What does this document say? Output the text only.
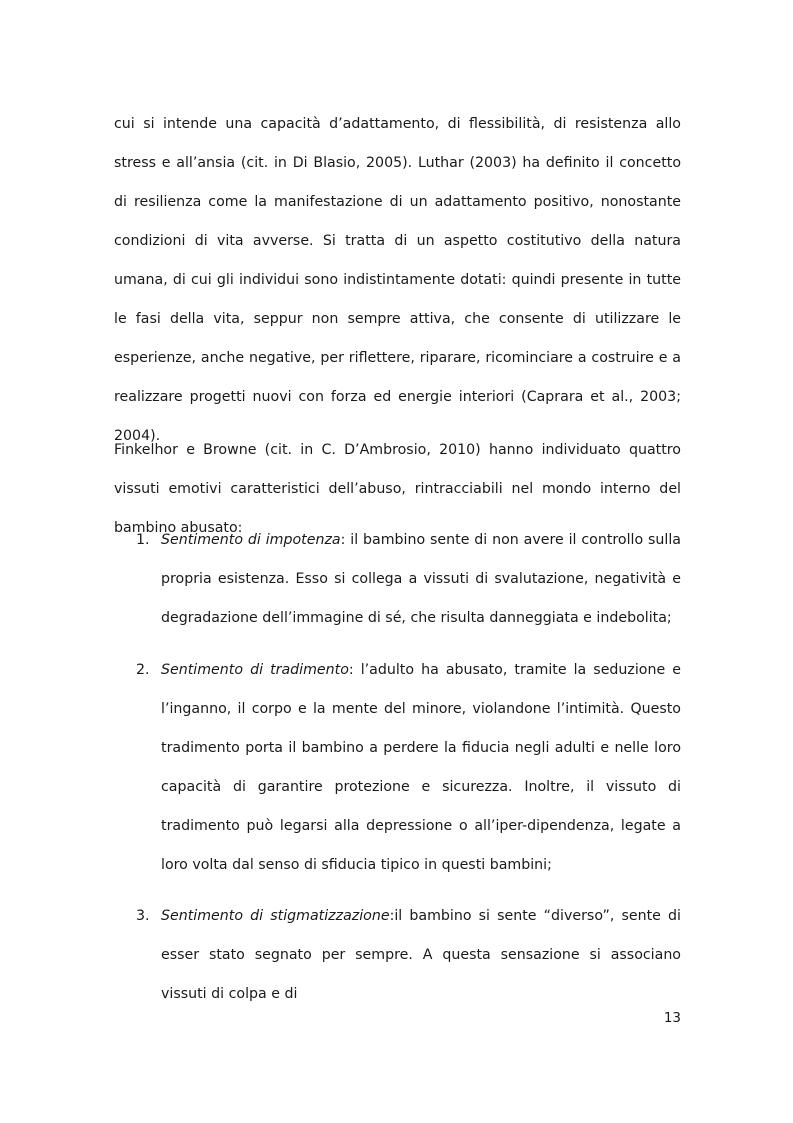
cui si intende una capacità d’adattamento, di flessibilità, di resistenza allo stress e all’ansia (cit. in Di Blasio, 2005). Luthar (2003) ha definito il concetto di resilienza come la manifestazione di un adattamento positivo, nonostante condizioni di vita avverse. Si tratta di un aspetto costitutivo della natura umana, di cui gli individui sono indistintamente dotati: quindi presente in tutte le fasi della vita, seppur non sempre attiva, che consente di utilizzare le esperienze, anche negative, per riflettere, riparare, ricominciare a costruire e a realizzare progetti nuovi con forza ed energie interiori (Caprara et al., 2003; 2004).

Finkelhor e Browne (cit. in C. D’Ambrosio, 2010) hanno individuato quattro vissuti emotivi caratteristici dell’abuso, rintracciabili nel mondo interno del bambino abusato:

1. Sentimento di impotenza: il bambino sente di non avere il controllo sulla propria esistenza. Esso si collega a vissuti di svalutazione, negatività e degradazione dell’immagine di sé, che risulta danneggiata e indebolita;
2. Sentimento di tradimento: l’adulto ha abusato, tramite la seduzione e l’inganno, il corpo e la mente del minore, violandone l’intimità. Questo tradimento porta il bambino a perdere la fiducia negli adulti e nelle loro capacità di garantire protezione e sicurezza. Inoltre, il vissuto di tradimento può legarsi alla depressione o all’iper-dipendenza, legate a loro volta dal senso di sfiducia tipico in questi bambini;
3. Sentimento di stigmatizzazione:il bambino si sente “diverso”, sente di esser stato segnato per sempre. A questa sensazione si associano vissuti di colpa e di
13
